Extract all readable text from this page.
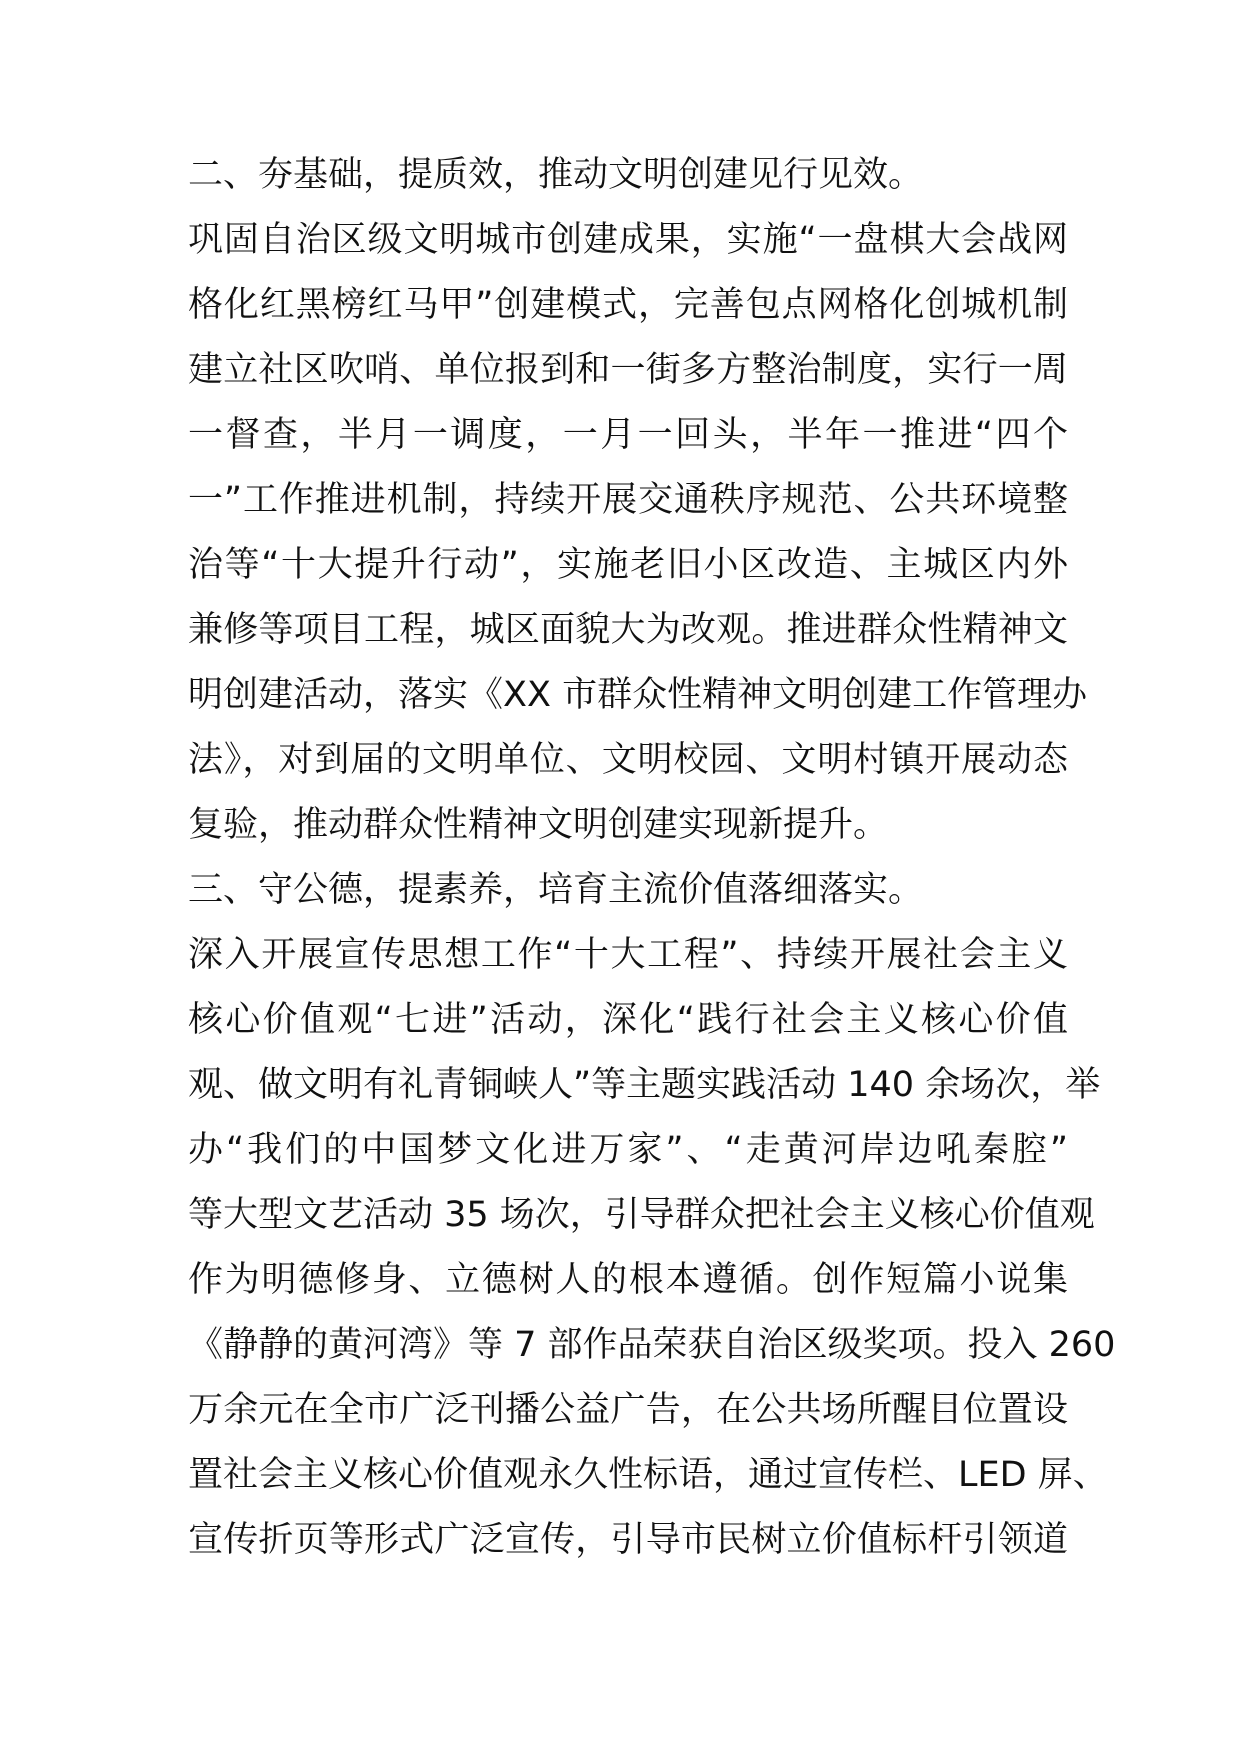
二、夯基础，提质效，推动文明创建见行见效。
巩固自治区级文明城市创建成果，实施“一盘棋大会战网
格化红黑榜红马甲”创建模式，完善包点网格化创城机制
建立社区吹哨、单位报到和一街多方整治制度，实行一周
一督查，半月一调度，一月一回头，半年一推进“四个
一”工作推进机制，持续开展交通秩序规范、公共环境整
治等“十大提升行动”，实施老旧小区改造、主城区内外
兼修等项目工程，城区面貌大为改观。推进群众性精神文
明创建活动，落实《XX 市群众性精神文明创建工作管理办
法》，对到届的文明单位、文明校园、文明村镇开展动态
复验，推动群众性精神文明创建实现新提升。
三、守公德，提素养，培育主流价值落细落实。
深入开展宣传思想工作“十大工程”、持续开展社会主义
核心价值观“七进”活动，深化“践行社会主义核心价值
观、做文明有礼青铜峡人”等主题实践活动 140 余场次，举
办“我们的中国梦文化进万家”、“走黄河岸边吼秦腔”
等大型文艺活动 35 场次，引导群众把社会主义核心价值观
作为明德修身、立德树人的根本遵循。创作短篇小说集
《静静的黄河湾》等 7 部作品荣获自治区级奖项。投入 260
万余元在全市广泛刊播公益广告，在公共场所醒目位置设
置社会主义核心价值观永久性标语，通过宣传栏、LED 屏、
宣传折页等形式广泛宣传，引导市民树立价值标杆引领道
